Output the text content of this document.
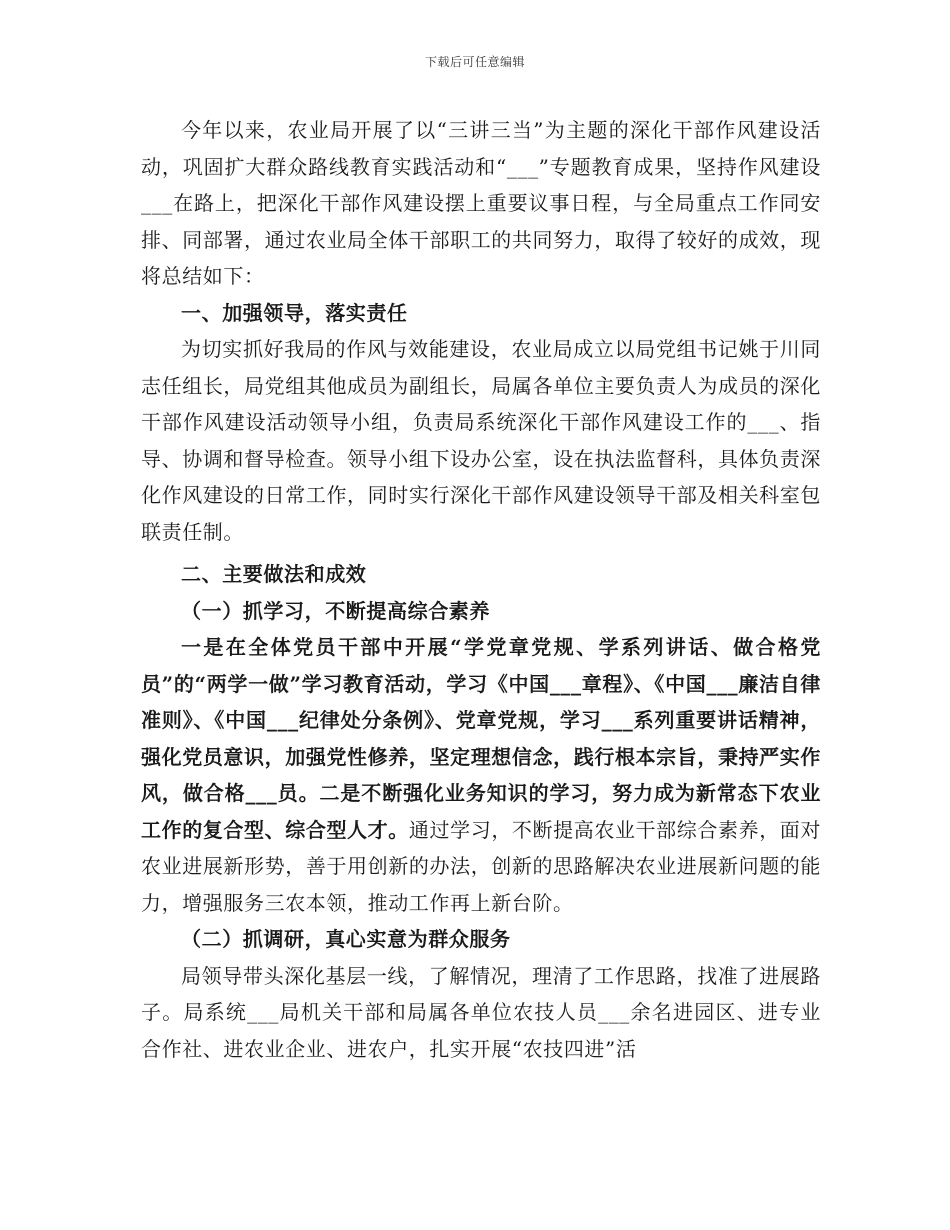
下载后可任意编辑

今年以来，农业局开展了以“三讲三当”为主题的深化干部作风建设活动，巩固扩大群众路线教育实践活动和“___”专题教育成果，坚持作风建设___在路上，把深化干部作风建设摆上重要议事日程，与全局重点工作同安排、同部署，通过农业局全体干部职工的共同努力，取得了较好的成效，现将总结如下：

一、加强领导，落实责任

为切实抓好我局的作风与效能建设，农业局成立以局党组书记姚于川同志任组长，局党组其他成员为副组长，局属各单位主要负责人为成员的深化干部作风建设活动领导小组，负责局系统深化干部作风建设工作的___、指导、协调和督导检查。领导小组下设办公室，设在执法监督科，具体负责深化作风建设的日常工作，同时实行深化干部作风建设领导干部及相关科室包联责任制。

二、主要做法和成效

（一）抓学习，不断提高综合素养

一是在全体党员干部中开展“学党章党规、学系列讲话、做合格党员”的“两学一做”学习教育活动，学习《中国___章程》、《中国___廉洁自律准则》、《中国___纪律处分条例》、党章党规，学习___系列重要讲话精神，强化党员意识，加强党性修养，坚定理想信念，践行根本宗旨，秉持严实作风，做合格___员。二是不断强化业务知识的学习，努力成为新常态下农业工作的复合型、综合型人才。通过学习，不断提高农业干部综合素养，面对农业进展新形势，善于用创新的办法，创新的思路解决农业进展新问题的能力，增强服务三农本领，推动工作再上新台阶。

（二）抓调研，真心实意为群众服务

局领导带头深化基层一线，了解情况，理清了工作思路，找准了进展路子。局系统___局机关干部和局属各单位农技人员___余名进园区、进专业合作社、进农业企业、进农户，扎实开展“农技四进”活
